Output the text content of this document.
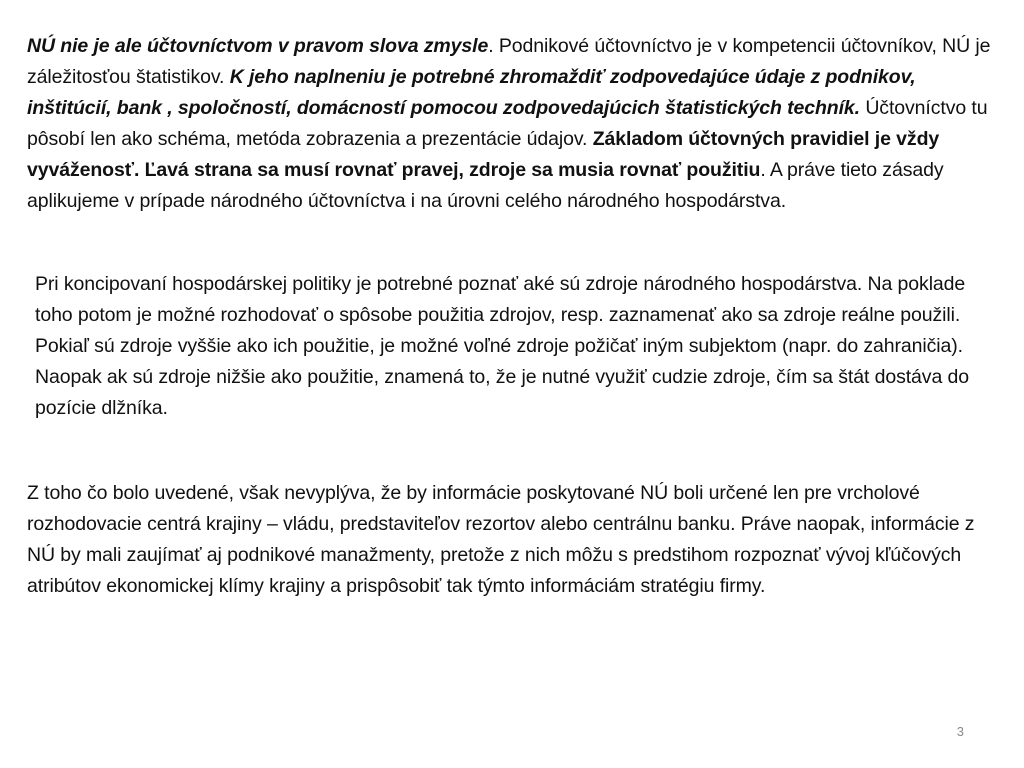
NÚ nie je ale účtovníctvom v pravom slova zmysle. Podnikové účtovníctvo je v kompetencii účtovníkov, NÚ je záležitosťou štatistikov. K jeho naplneniu je potrebné zhromaždiť zodpovedajúce údaje z podnikov, inštitúcií, bank , spoločností, domácností pomocou zodpovedajúcich štatistických techník. Účtovníctvo tu pôsobí len ako schéma, metóda zobrazenia a prezentácie údajov. Základom účtovných pravidiel je vždy vyváženosť. Ľavá strana sa musí rovnať pravej, zdroje sa musia rovnať použitiu. A práve tieto zásady aplikujeme v prípade národného účtovníctva i na úrovni celého národného hospodárstva.

Pri koncipovaní hospodárskej politiky je potrebné poznať aké sú zdroje národného hospodárstva. Na poklade toho potom je možné rozhodovať o spôsobe použitia zdrojov, resp. zaznamenať ako sa zdroje reálne použili.
Pokiaľ sú zdroje vyššie ako ich použitie, je možné voľné zdroje požičať iným subjektom (napr. do zahraničia). Naopak ak sú zdroje nižšie ako použitie, znamená to, že je nutné využiť cudzie zdroje, čím sa štát dostáva do pozície dlžníka.

Z toho čo bolo uvedené, však nevyplýva, že by informácie poskytované NÚ boli určené len pre vrcholové rozhodovacie centrá krajiny – vládu, predstaviteľov rezortov alebo centrálnu banku. Práve naopak, informácie z NÚ by mali zaujímať aj podnikové manažmenty, pretože z nich môžu s predstihom rozpoznať vývoj kľúčových atribútov ekonomickej klímy krajiny a prispôsobiť tak týmto informáciám stratégiu firmy.

3
